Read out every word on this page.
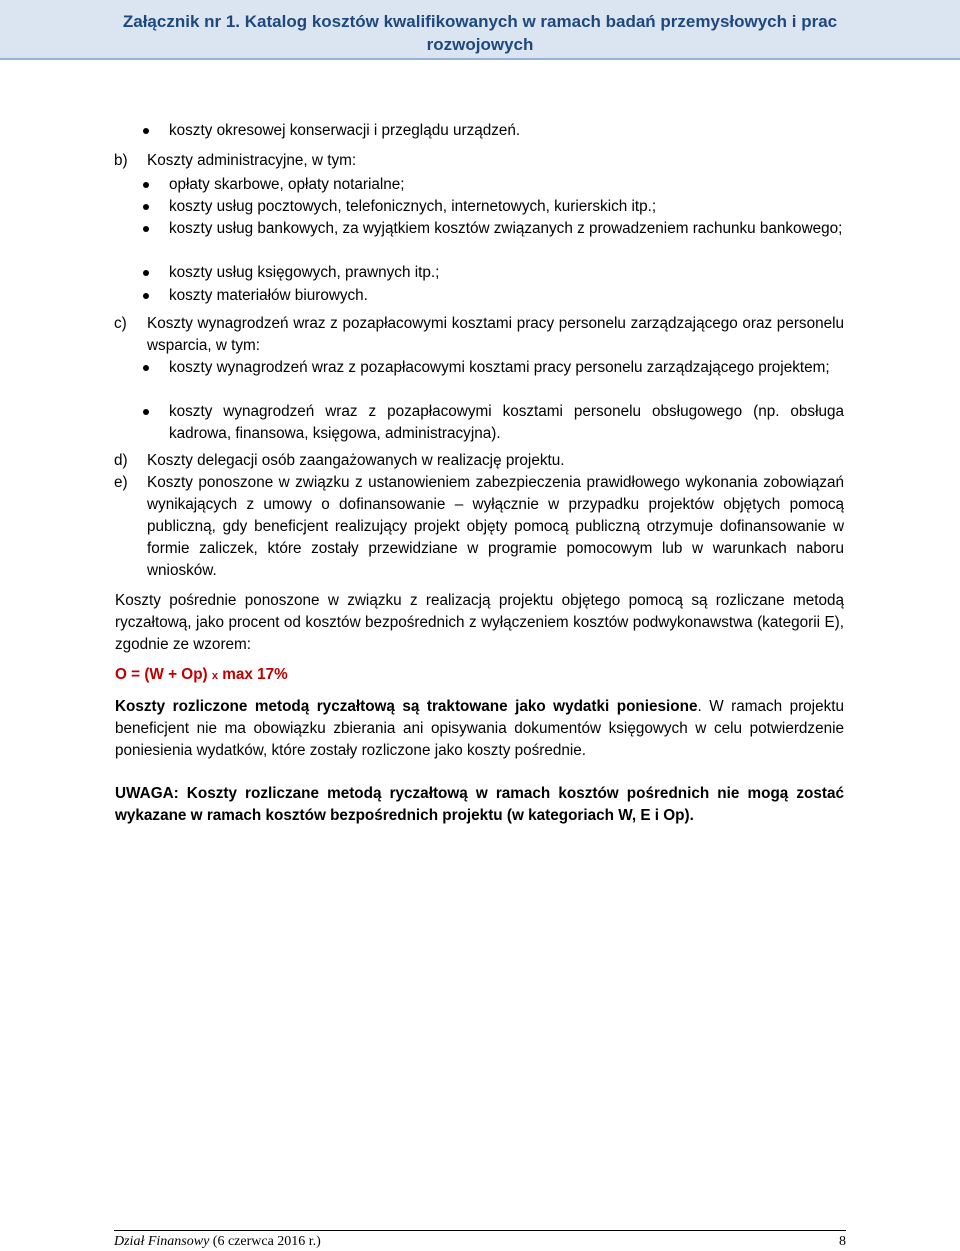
Załącznik nr 1. Katalog kosztów kwalifikowanych w ramach badań przemysłowych i prac rozwojowych
koszty okresowej konserwacji i przeglądu urządzeń.
b) Koszty administracyjne, w tym:
opłaty skarbowe, opłaty notarialne;
koszty usług pocztowych, telefonicznych, internetowych, kurierskich itp.;
koszty usług bankowych, za wyjątkiem kosztów związanych z prowadzeniem rachunku bankowego;
koszty usług księgowych, prawnych itp.;
koszty materiałów biurowych.
c) Koszty wynagrodzeń wraz z pozapłacowymi kosztami pracy personelu zarządzającego oraz personelu wsparcia, w tym:
koszty wynagrodzeń wraz z pozapłacowymi kosztami pracy personelu zarządzającego projektem;
koszty wynagrodzeń wraz z pozapłacowymi kosztami personelu obsługowego (np. obsługa kadrowa, finansowa, księgowa, administracyjna).
d) Koszty delegacji osób zaangażowanych w realizację projektu.
e) Koszty ponoszone w związku z ustanowieniem zabezpieczenia prawidłowego wykonania zobowiązań wynikających z umowy o dofinansowanie – wyłącznie w przypadku projektów objętych pomocą publiczną, gdy beneficjent realizujący projekt objęty pomocą publiczną otrzymuje dofinansowanie w formie zaliczek, które zostały przewidziane w programie pomocowym lub w warunkach naboru wniosków.
Koszty pośrednie ponoszone w związku z realizacją projektu objętego pomocą są rozliczane metodą ryczałtową, jako procent od kosztów bezpośrednich z wyłączeniem kosztów podwykonawstwa (kategorii E), zgodnie ze wzorem:
O = (W + Op) x max 17%
Koszty rozliczone metodą ryczałtową są traktowane jako wydatki poniesione. W ramach projektu beneficjent nie ma obowiązku zbierania ani opisywania dokumentów księgowych w celu potwierdzenie poniesienia wydatków, które zostały rozliczone jako koszty pośrednie.
UWAGA: Koszty rozliczane metodą ryczałtową w ramach kosztów pośrednich nie mogą zostać wykazane w ramach kosztów bezpośrednich projektu (w kategoriach W, E i Op).
Dział Finansowy (6 czerwca 2016 r.)	8
